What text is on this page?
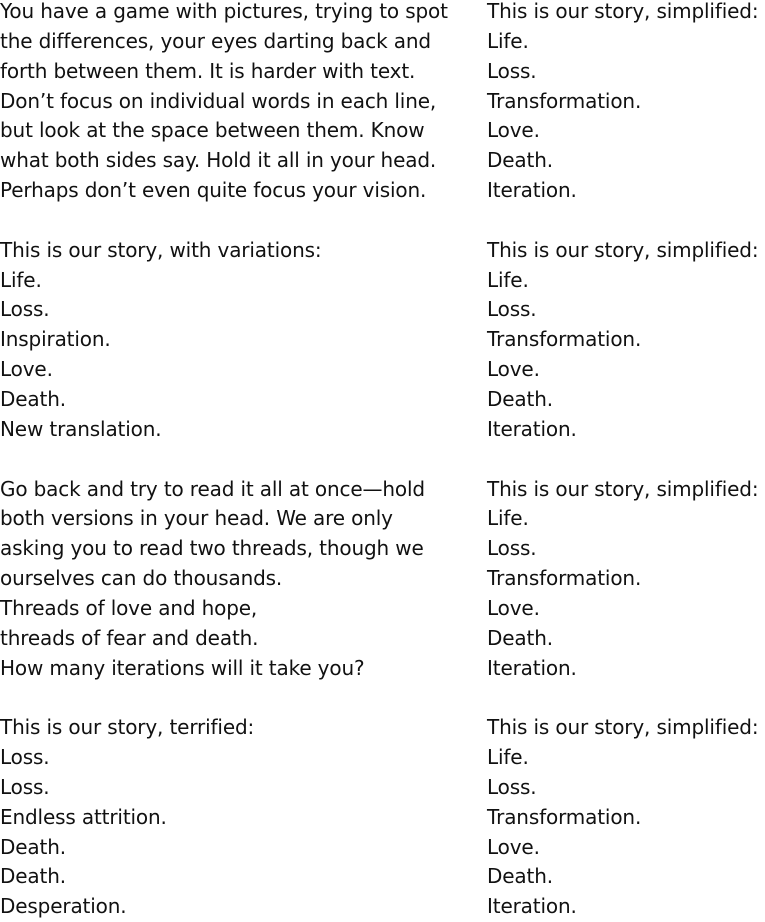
You have a game with pictures, trying to spot
the differences, your eyes darting back and
forth between them. It is harder with text.
Don’t focus on individual words in each line,
but look at the space between them. Know
what both sides say. Hold it all in your head.
Perhaps don’t even quite focus your vision.
This is our story, with variations:
Life.
Loss.
Inspiration.
Love.
Death.
New translation.
Go back and try to read it all at once—hold
both versions in your head. We are only
asking you to read two threads, though we
ourselves can do thousands.
Threads of love and hope,
threads of fear and death.
How many iterations will it take you?
This is our story, terrified:
Loss.
Loss.
Endless attrition.
Death.
Death.
Desperation.
This is our story, simplified:
Life.
Loss.
Transformation.
Love.
Death.
Iteration.
This is our story, simplified:
Life.
Loss.
Transformation.
Love.
Death.
Iteration.
This is our story, simplified:
Life.
Loss.
Transformation.
Love.
Death.
Iteration.
This is our story, simplified:
Life.
Loss.
Transformation.
Love.
Death.
Iteration.
